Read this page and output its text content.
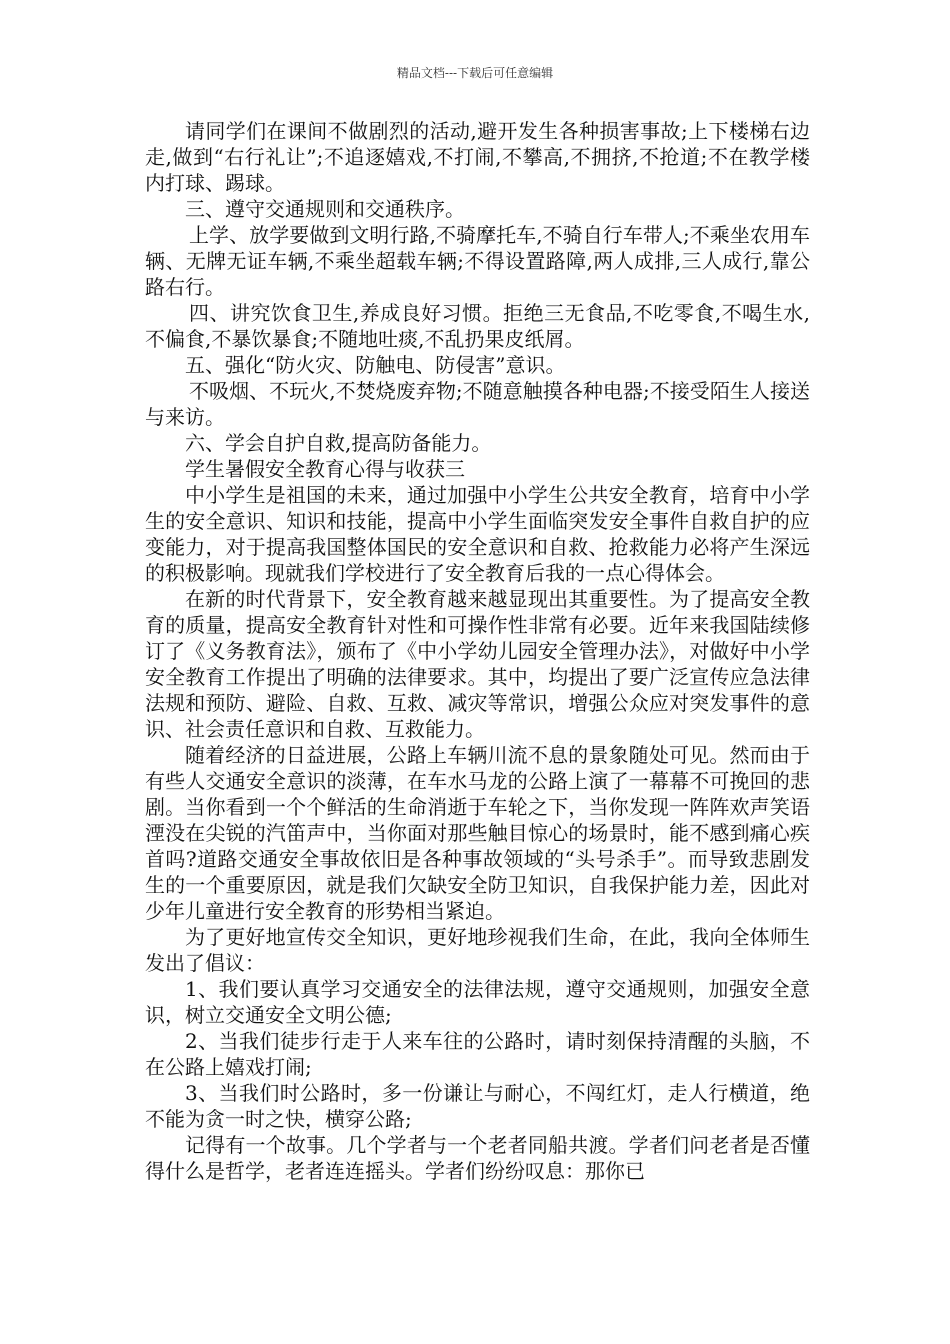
精品文档---下载后可任意编辑

请同学们在课间不做剧烈的活动,避开发生各种损害事故;上下楼梯右边走,做到“右行礼让”;不追逐嬉戏,不打闹,不攀高,不拥挤,不抢道;不在教学楼内打球、踢球。

三、遵守交通规则和交通秩序。

上学、放学要做到文明行路,不骑摩托车,不骑自行车带人;不乘坐农用车辆、无牌无证车辆,不乘坐超载车辆;不得设置路障,两人成排,三人成行,靠公路右行。

四、讲究饮食卫生,养成良好习惯。拒绝三无食品,不吃零食,不喝生水,不偏食,不暴饮暴食;不随地吐痰,不乱扔果皮纸屑。

五、强化“防火灾、防触电、防侵害”意识。

不吸烟、不玩火,不焚烧废弃物;不随意触摸各种电器;不接受陌生人接送与来访。

六、学会自护自救,提高防备能力。

学生暑假安全教育心得与收获三

中小学生是祖国的未来，通过加强中小学生公共安全教育，培育中小学生的安全意识、知识和技能，提高中小学生面临突发安全事件自救自护的应变能力，对于提高我国整体国民的安全意识和自救、抢救能力必将产生深远的积极影响。现就我们学校进行了安全教育后我的一点心得体会。

在新的时代背景下，安全教育越来越显现出其重要性。为了提高安全教育的质量，提高安全教育针对性和可操作性非常有必要。近年来我国陆续修订了《义务教育法》，颁布了《中小学幼儿园安全管理办法》，对做好中小学安全教育工作提出了明确的法律要求。其中，均提出了要广泛宣传应急法律法规和预防、避险、自救、互救、减灾等常识，增强公众应对突发事件的意识、社会责任意识和自救、互救能力。

随着经济的日益进展，公路上车辆川流不息的景象随处可见。然而由于有些人交通安全意识的淡薄，在车水马龙的公路上演了一幕幕不可挽回的悲剧。当你看到一个个鲜活的生命消逝于车轮之下，当你发现一阵阵欢声笑语湮没在尖锐的汽笛声中，当你面对那些触目惊心的场景时，能不感到痛心疾首吗?道路交通安全事故依旧是各种事故领域的“头号杀手”。而导致悲剧发生的一个重要原因，就是我们欠缺安全防卫知识，自我保护能力差，因此对少年儿童进行安全教育的形势相当紧迫。

为了更好地宣传交全知识，更好地珍视我们生命，在此，我向全体师生发出了倡议：

1、我们要认真学习交通安全的法律法规，遵守交通规则，加强安全意识，树立交通安全文明公德;

2、当我们徒步行走于人来车往的公路时，请时刻保持清醒的头脑，不在公路上嬉戏打闹;

3、当我们时公路时，多一份谦让与耐心，不闯红灯，走人行横道，绝不能为贪一时之快，横穿公路;

记得有一个故事。几个学者与一个老者同船共渡。学者们问老者是否懂得什么是哲学，老者连连摇头。学者们纷纷叹息：那你已
